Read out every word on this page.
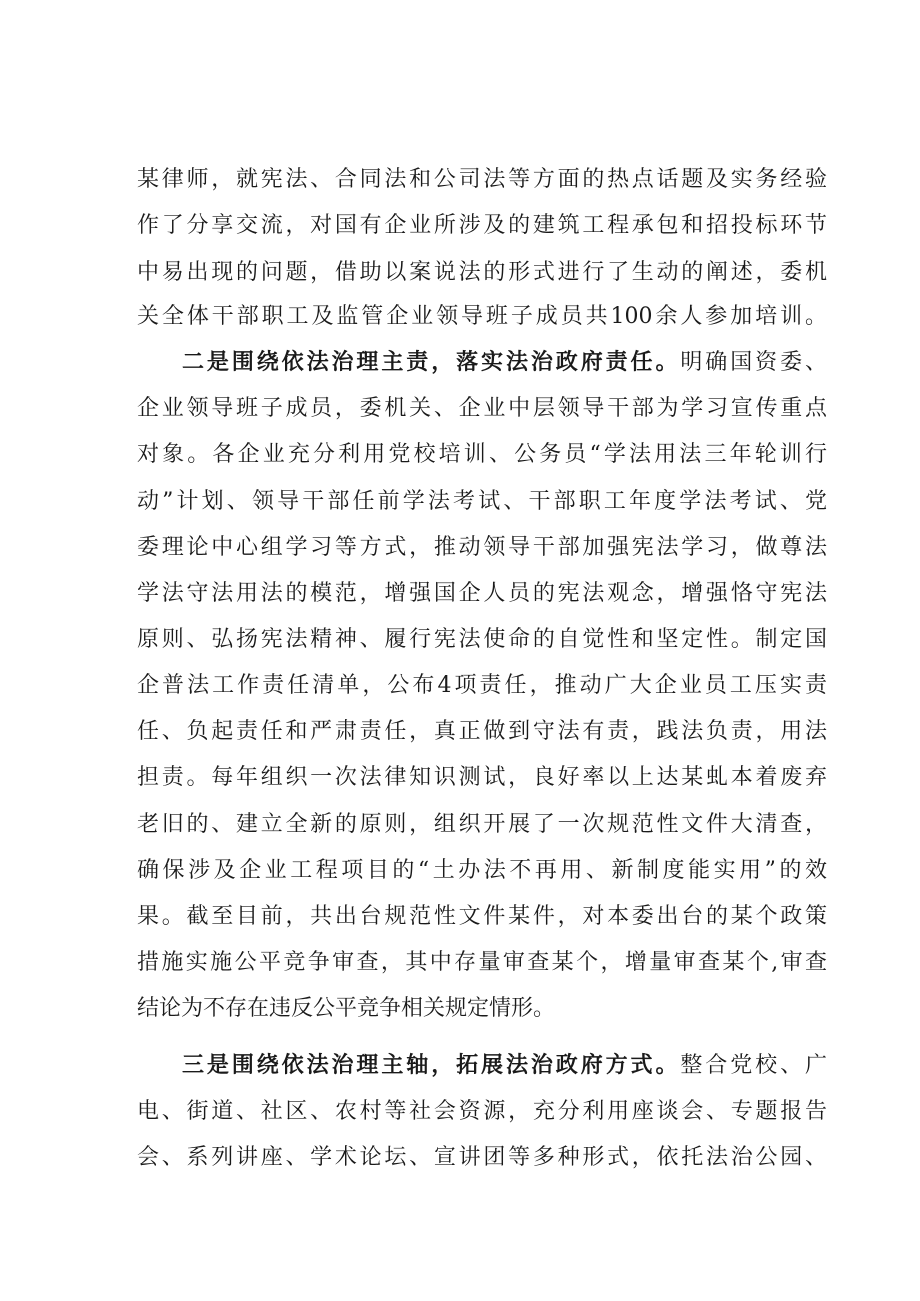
某律师，就宪法、合同法和公司法等方面的热点话题及实务经验
作了分享交流，对国有企业所涉及的建筑工程承包和招投标环节
中易出现的问题，借助以案说法的形式进行了生动的阐述，委机
关全体干部职工及监管企业领导班子成员共100余人参加培训。
二是围绕依法治理主责，落实法治政府责任。明确国资委、
企业领导班子成员，委机关、企业中层领导干部为学习宣传重点
对象。各企业充分利用党校培训、公务员“学法用法三年轮训行
动”计划、领导干部任前学法考试、干部职工年度学法考试、党
委理论中心组学习等方式，推动领导干部加强宪法学习，做尊法
学法守法用法的模范，增强国企人员的宪法观念，增强恪守宪法
原则、弘扬宪法精神、履行宪法使命的自觉性和坚定性。制定国
企普法工作责任清单，公布4项责任，推动广大企业员工压实责
任、负起责任和严肃责任，真正做到守法有责，践法负责，用法
担责。每年组织一次法律知识测试，良好率以上达某虬本着废弃
老旧的、建立全新的原则，组织开展了一次规范性文件大清查，
确保涉及企业工程项目的“土办法不再用、新制度能实用”的效
果。截至目前，共出台规范性文件某件，对本委出台的某个政策
措施实施公平竞争审查，其中存量审查某个，增量审查某个,审查
结论为不存在违反公平竞争相关规定情形。
三是围绕依法治理主轴，拓展法治政府方式。整合党校、广
电、街道、社区、农村等社会资源，充分利用座谈会、专题报告
会、系列讲座、学术论坛、宣讲团等多种形式，依托法治公园、
